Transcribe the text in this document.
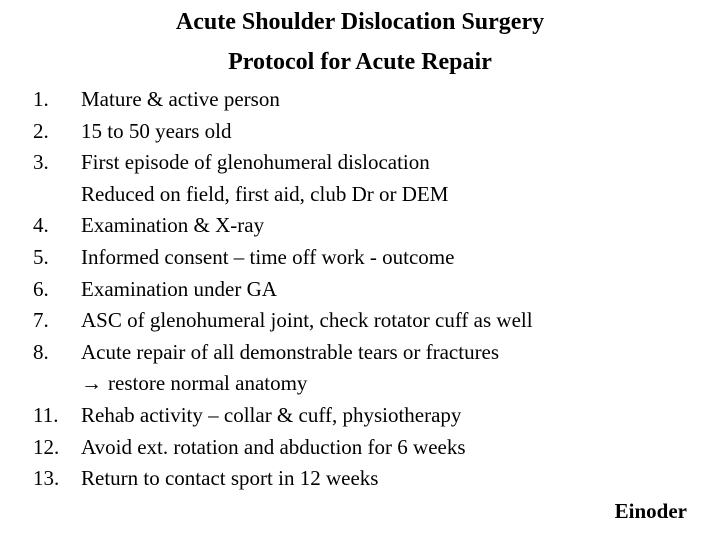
Acute Shoulder Dislocation Surgery
Protocol for Acute Repair
1. Mature & active person
2. 15 to 50 years old
3. First episode of glenohumeral dislocation
Reduced on field, first aid, club Dr or DEM
4. Examination & X-ray
5. Informed consent – time off work - outcome
6. Examination under GA
7. ASC of glenohumeral joint, check rotator cuff as well
8. Acute repair of all demonstrable tears or fractures
→ restore normal anatomy
11. Rehab activity – collar & cuff, physiotherapy
12. Avoid ext. rotation and abduction for 6 weeks
13. Return to contact sport in 12 weeks
Einoder
